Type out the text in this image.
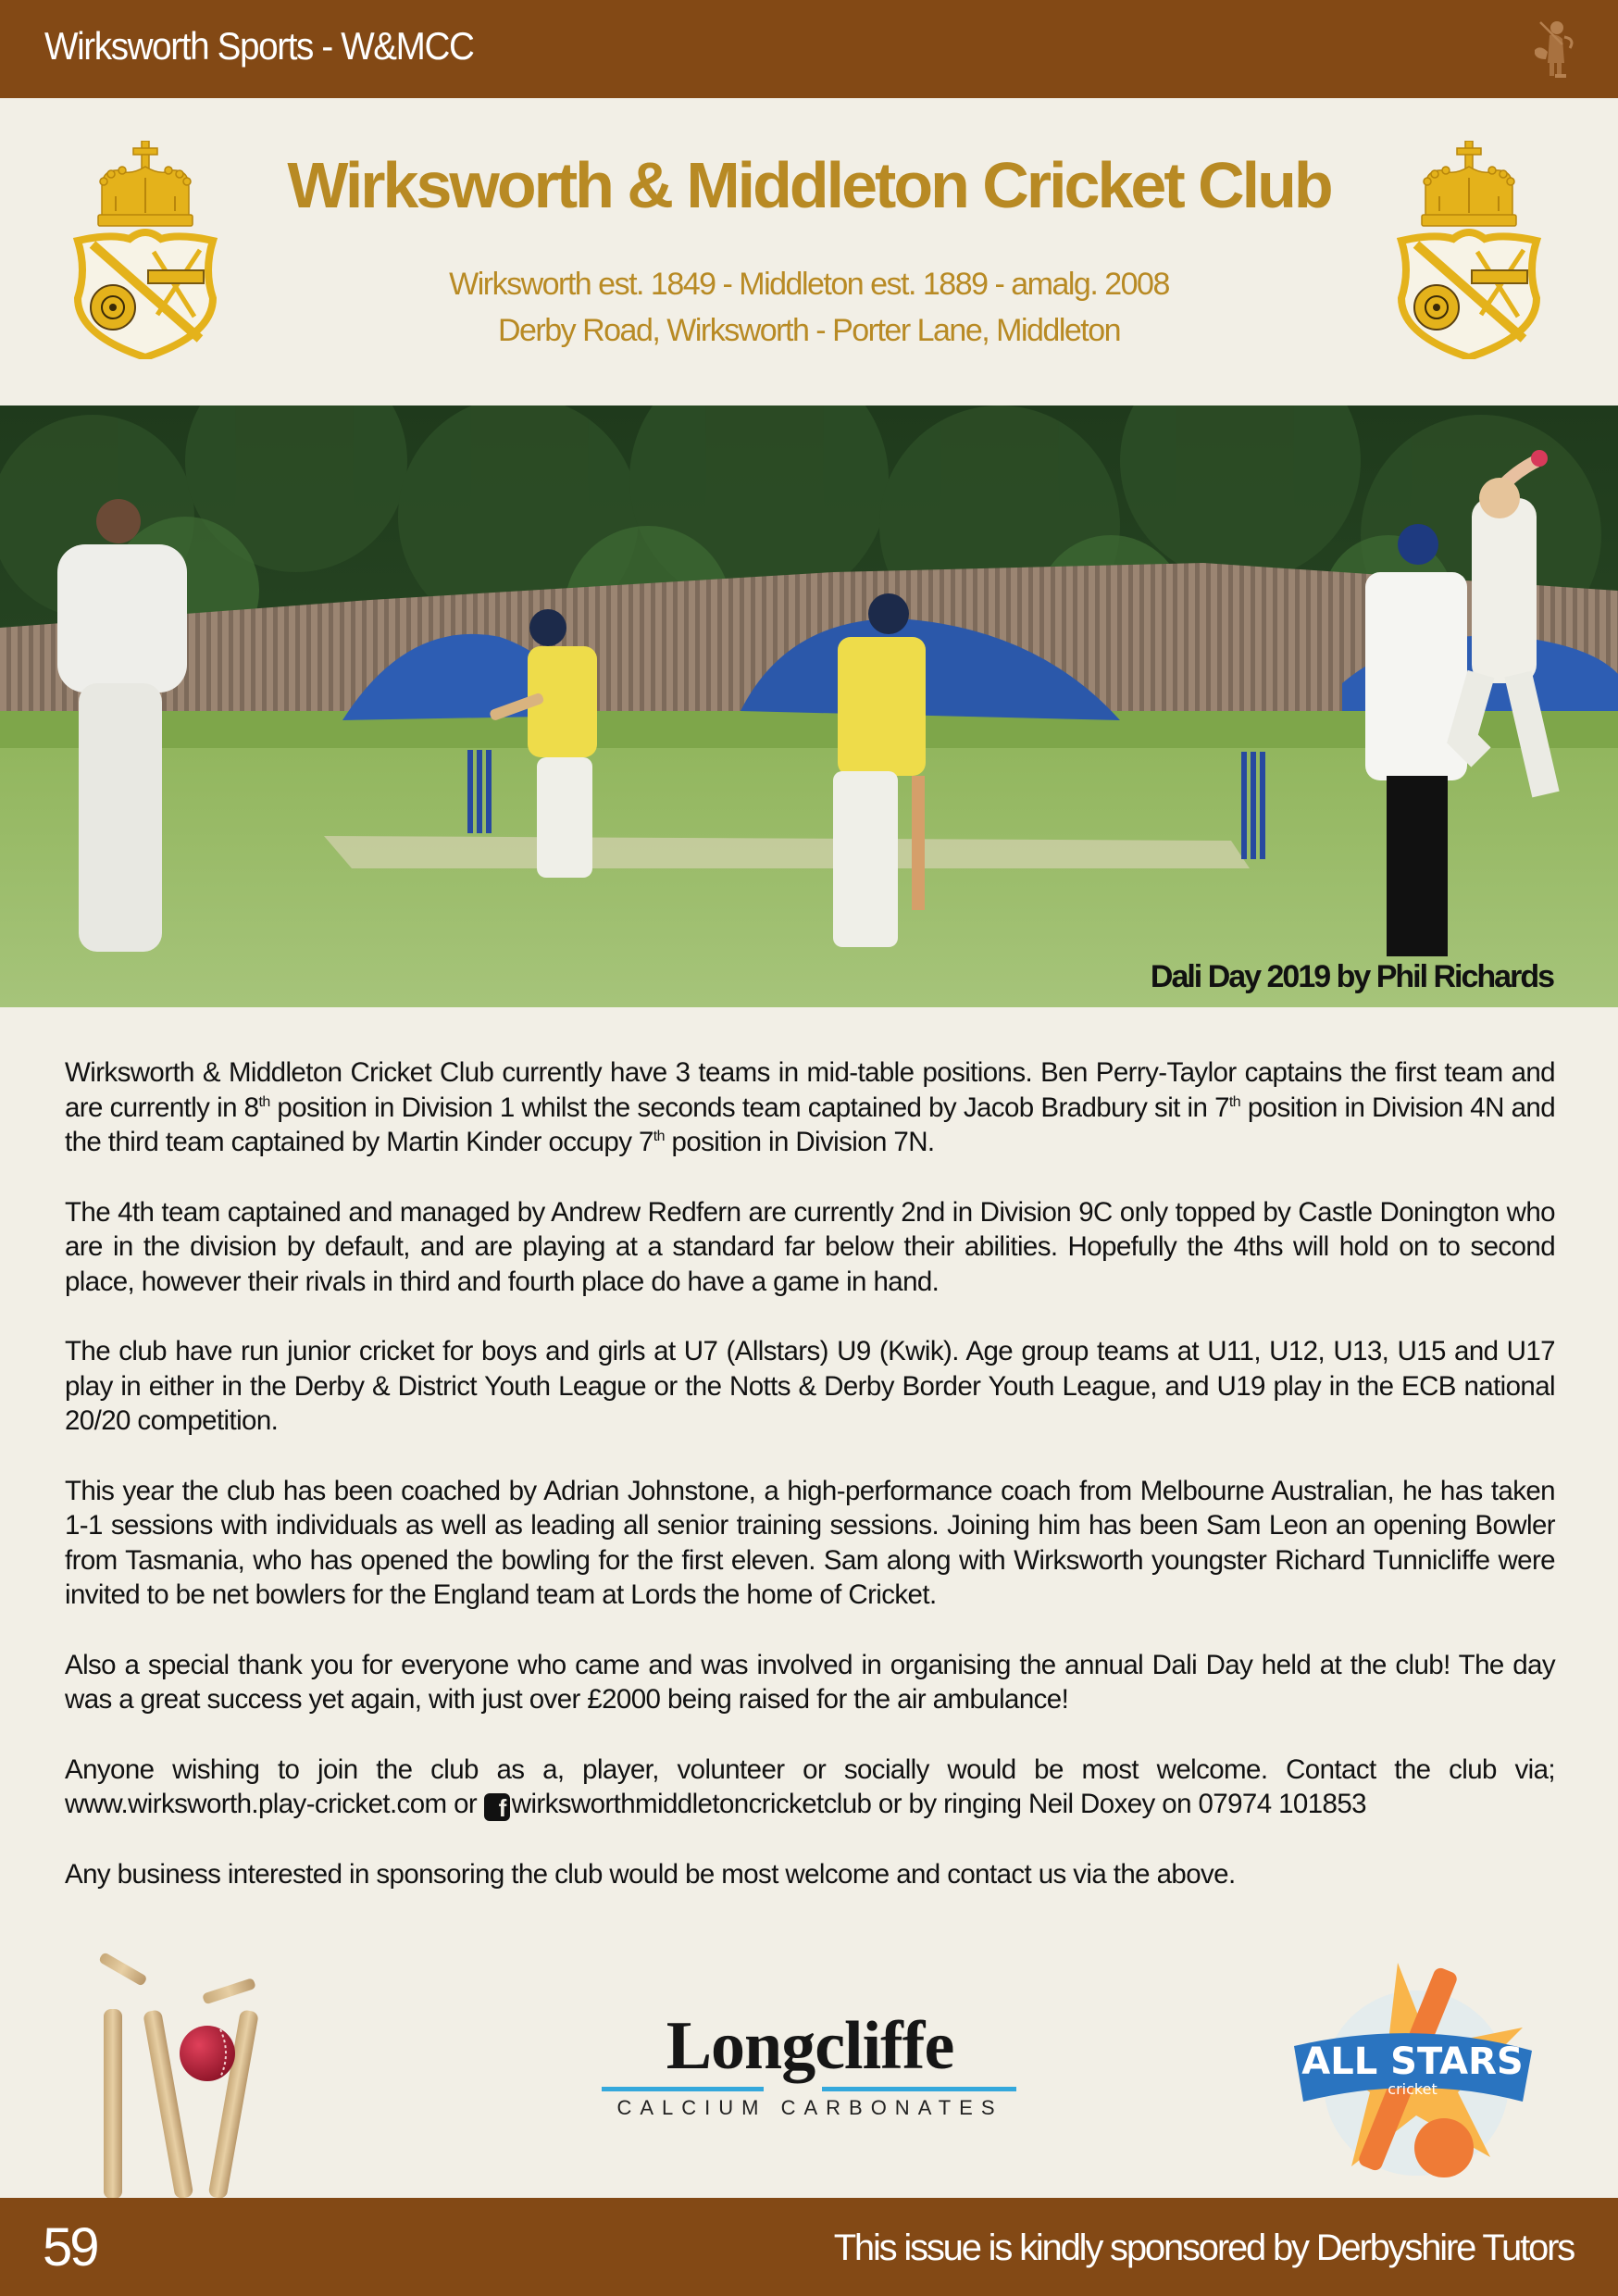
Wirksworth Sports - W&MCC
Wirksworth & Middleton Cricket Club
Wirksworth est. 1849 - Middleton est. 1889 - amalg. 2008
Derby Road, Wirksworth - Porter Lane, Middleton
Dali Day 2019 by Phil Richards

Wirksworth & Middleton Cricket Club currently have 3 teams in mid-table positions. Ben Perry-Taylor captains the first team and are currently in 8th position in Division 1 whilst the seconds team captained by Jacob Bradbury sit in 7th position in Division 4N and the third team captained by Martin Kinder occupy 7th position in Division 7N.

The 4th team captained and managed by Andrew Redfern are currently 2nd in Division 9C only topped by Castle Donington who are in the division by default, and are playing at a standard far below their abilities. Hopefully the 4ths will hold on to second place, however their rivals in third and fourth place do have a game in hand.

The club have run junior cricket for boys and girls at U7 (Allstars) U9 (Kwik). Age group teams at U11, U12, U13, U15 and U17 play in either in the Derby & District Youth League or the Notts & Derby Border Youth League, and U19 play in the ECB national 20/20 competition.

This year the club has been coached by Adrian Johnstone, a high-performance coach from Melbourne Australian, he has taken 1-1 sessions with individuals as well as leading all senior training sessions. Joining him has been Sam Leon an opening Bowler from Tasmania, who has opened the bowling for the first eleven. Sam along with Wirksworth youngster Richard Tunnicliffe were invited to be net bowlers for the England team at Lords the home of Cricket.

Also a special thank you for everyone who came and was involved in organising the annual Dali Day held at the club! The day was a great success yet again, with just over £2000 being raised for the air ambulance!

Anyone wishing to join the club as a, player, volunteer or socially would be most welcome. Contact the club via; www.wirksworth.play-cricket.com or f wirksworthmiddletoncricketclub or by ringing Neil Doxey on 07974 101853

Any business interested in sponsoring the club would be most welcome and contact us via the above.

Longcliffe
CALCIUM CARBONATES
ALL STARS
cricket
59	This issue is kindly sponsored by Derbyshire Tutors
